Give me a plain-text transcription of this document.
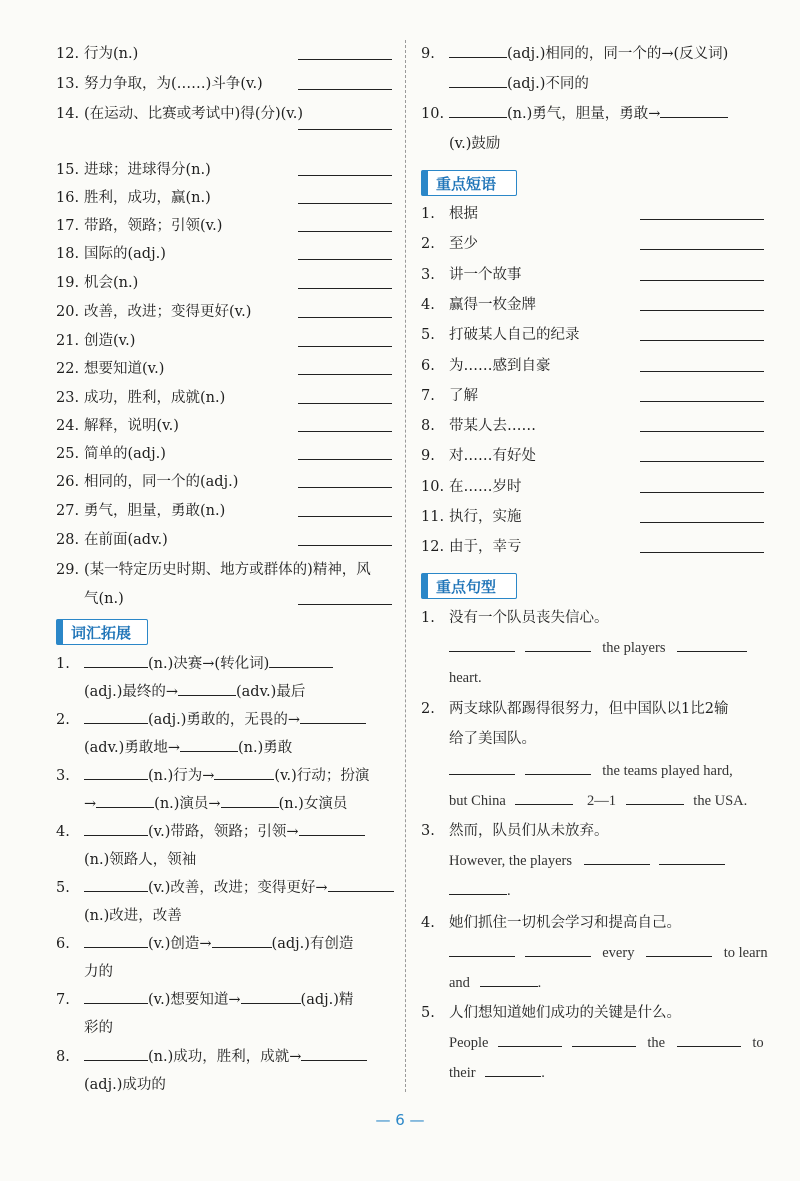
12. 行为(n.)
13. 努力争取，为(……)斗争(v.)
14. (在运动、比赛或考试中)得(分)(v.)
15. 进球；进球得分(n.)
16. 胜利，成功，赢(n.)
17. 带路，领路；引领(v.)
18. 国际的(adj.)
19. 机会(n.)
20. 改善，改进；变得更好(v.)
21. 创造(v.)
22. 想要知道(v.)
23. 成功，胜利，成就(n.)
24. 解释，说明(v.)
25. 简单的(adj.)
26. 相同的，同一个的(adj.)
27. 勇气，胆量，勇敢(n.)
28. 在前面(adv.)
29. (某一特定历史时期、地方或群体的)精神，风
气(n.)
词汇拓展
1.	(n.)决赛→(转化词)
(adj.)最终的→	(adv.)最后
2.	(adj.)勇敢的，无畏的→
(adv.)勇敢地→	(n.)勇敢
3.	(n.)行为→	(v.)行动；扮演
→	(n.)演员→	(n.)女演员
4.	(v.)带路，领路；引领→
(n.)领路人，领袖
5.	(v.)改善，改进；变得更好→
(n.)改进，改善
6.	(v.)创造→	(adj.)有创造
力的
7.	(v.)想要知道→	(adj.)精
彩的
8.	(n.)成功，胜利，成就→
(adj.)成功的
9.	(adj.)相同的，同一个的→(反义词)
(adj.)不同的
10.	(n.)勇气，胆量，勇敢→
(v.)鼓励
重点短语
1. 根据
2. 至少
3. 讲一个故事
4. 赢得一枚金牌
5. 打破某人自己的纪录
6. 为……感到自豪
7. 了解
8. 带某人去……
9. 对……有好处
10. 在……岁时
11. 执行，实施
12. 由于，幸亏
重点句型
1. 没有一个队员丧失信心。
the players
heart.
2. 两支球队都踢得很努力，但中国队以1比2输
给了美国队。
the teams played hard,
but China	2—1	the USA.
3. 然而，队员们从未放弃。
However, the players
.
4. 她们抓住一切机会学习和提高自己。
every	to learn
and	.
5. 人们想知道她们成功的关键是什么。
People	the	to
their	.
— 6 —
